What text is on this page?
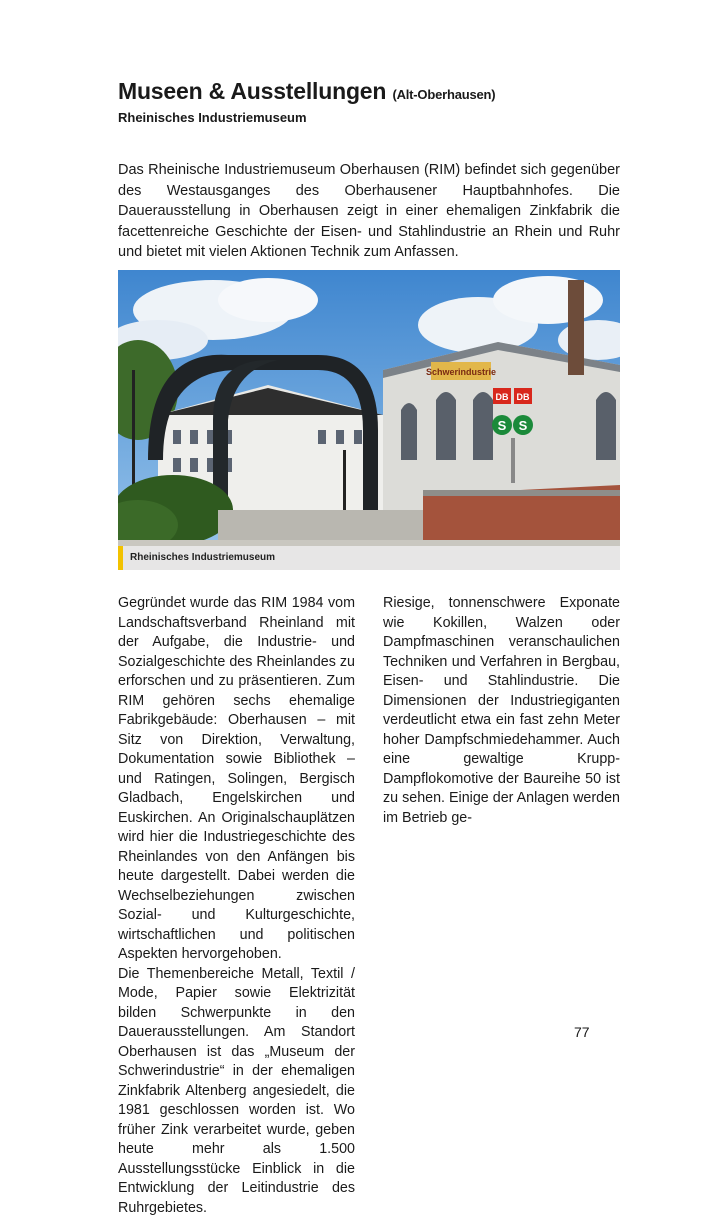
Museen & Ausstellungen (Alt-Oberhausen)
Rheinisches Industriemuseum
Das Rheinische Industriemuseum Oberhausen (RIM) befindet sich gegenüber des Westausganges des Oberhausener Hauptbahnhofes. Die Dauerausstellung in Oberhausen zeigt in einer ehemaligen Zinkfabrik die facettenreiche Geschichte der Eisen- und Stahlindustrie an Rhein und Ruhr und bietet mit vielen Aktionen Technik zum Anfassen.
Schwerindustrie
DB DB
S S
Rheinisches Industriemuseum

Gegründet wurde das RIM 1984 vom Landschaftsverband Rheinland mit der Aufgabe, die Industrie- und Sozialgeschichte des Rheinlandes zu erforschen und zu präsentieren. Zum RIM gehören sechs ehemalige Fabrikgebäude: Oberhausen – mit Sitz von Direktion, Verwaltung, Dokumentation sowie Bibliothek – und Ratingen, Solingen, Bergisch Gladbach, Engelskirchen und Euskirchen. An Originalschauplätzen wird hier die Industriegeschichte des Rheinlandes von den Anfängen bis heute dargestellt. Dabei werden die Wechselbeziehungen zwischen Sozial- und Kulturgeschichte, wirtschaftlichen und politischen Aspekten hervorgehoben.

Die Themenbereiche Metall, Textil / Mode, Papier sowie Elektrizität bilden Schwerpunkte in den Dauerausstellungen. Am Standort Oberhausen ist das „Museum der Schwerindustrie“ in der ehemaligen Zinkfabrik Altenberg angesiedelt, die 1981 geschlossen worden ist. Wo früher Zink verarbeitet wurde, geben heute mehr als 1.500 Ausstellungsstücke Einblick in die Entwicklung der Leitindustrie des Ruhrgebietes.

Riesige, tonnenschwere Exponate wie Kokillen, Walzen oder Dampfmaschinen veranschaulichen Techniken und Verfahren in Bergbau, Eisen- und Stahlindustrie. Die Dimensionen der Industriegiganten verdeutlicht etwa ein fast zehn Meter hoher Dampfschmiedehammer. Auch eine gewaltige Krupp-Dampflokomotive der Baureihe 50 ist zu sehen. Einige der Anlagen werden im Betrieb ge-

77
